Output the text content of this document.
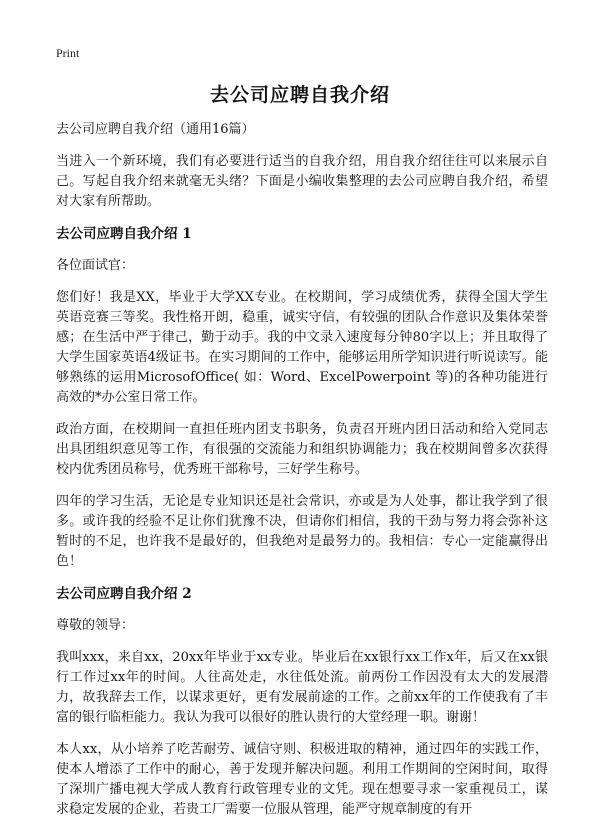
Print
去公司应聘自我介绍

去公司应聘自我介绍（通用16篇）

当进入一个新环境，我们有必要进行适当的自我介绍，用自我介绍往往可以来展示自己。写起自我介绍来就毫无头绪？下面是小编收集整理的去公司应聘自我介绍，希望对大家有所帮助。

去公司应聘自我介绍 1

各位面试官：

您们好！我是XX，毕业于大学XX专业。在校期间，学习成绩优秀，获得全国大学生英语竞赛三等奖。我性格开朗，稳重，诚实守信，有较强的团队合作意识及集体荣誉感；在生活中严于律己，勤于动手。我的中文录入速度每分钟80字以上；并且取得了大学生国家英语4级证书。在实习期间的工作中，能够运用所学知识进行听说读写。能够熟练的运用MicrosofOffice( 如：Word、ExcelPowerpoint 等)的各种功能进行高效的*办公室日常工作。

政治方面，在校期间一直担任班内团支书职务，负责召开班内团日活动和给入党同志出具团组织意见等工作，有很强的交流能力和组织协调能力；我在校期间曾多次获得校内优秀团员称号，优秀班干部称号，三好学生称号。

四年的学习生活，无论是专业知识还是社会常识，亦或是为人处事，都让我学到了很多。或许我的经验不足让你们犹豫不决，但请你们相信，我的干劲与努力将会弥补这暂时的不足，也许我不是最好的，但我绝对是最努力的。我相信：专心一定能赢得出色！

去公司应聘自我介绍 2

尊敬的领导：

我叫xxx，来自xx，20xx年毕业于xx专业。毕业后在xx银行xx工作x年，后又在xx银行工作过xx年的时间。人往高处走，水往低处流。前两份工作因没有太大的发展潜力，故我辞去工作，以谋求更好，更有发展前途的工作。之前xx年的工作使我有了丰富的银行临柜能力。我认为我可以很好的胜认贵行的大堂经理一职。谢谢！

本人xx，从小培养了吃苦耐劳、诚信守则、积极进取的精神，通过四年的实践工作，使本人增添了工作中的耐心，善于发现并解决问题。利用工作期间的空闲时间，取得了深圳广播电视大学成人教育行政管理专业的文凭。现在想要寻求一家重视员工，谋求稳定发展的企业，若贵工厂需要一位服从管理，能严守规章制度的有开
